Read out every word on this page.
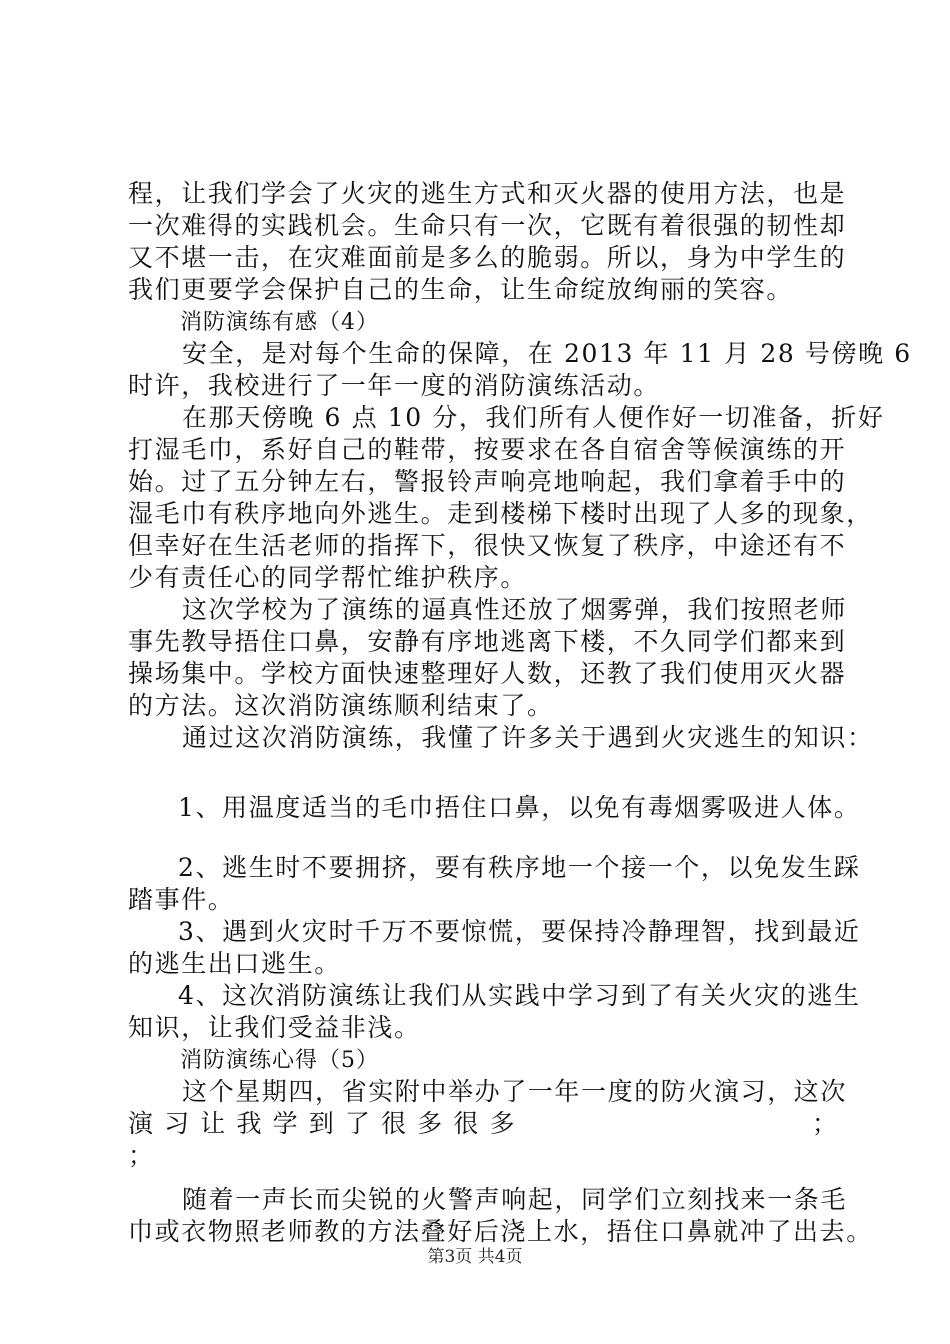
程，让我们学会了火灾的逃生方式和灭火器的使用方法，也是
一次难得的实践机会。生命只有一次，它既有着很强的韧性却
又不堪一击，在灾难面前是多么的脆弱。所以，身为中学生的
我们更要学会保护自己的生命，让生命绽放绚丽的笑容。
消防演练有感（4）
安全，是对每个生命的保障，在 2013 年 11 月 28 号傍晚 6
时许，我校进行了一年一度的消防演练活动。
在那天傍晚 6 点 10 分，我们所有人便作好一切准备，折好
打湿毛巾，系好自己的鞋带，按要求在各自宿舍等候演练的开
始。过了五分钟左右，警报铃声响亮地响起，我们拿着手中的
湿毛巾有秩序地向外逃生。走到楼梯下楼时出现了人多的现象，
但幸好在生活老师的指挥下，很快又恢复了秩序，中途还有不
少有责任心的同学帮忙维护秩序。
这次学校为了演练的逼真性还放了烟雾弹，我们按照老师
事先教导捂住口鼻，安静有序地逃离下楼，不久同学们都来到
操场集中。学校方面快速整理好人数，还教了我们使用灭火器
的方法。这次消防演练顺利结束了。
通过这次消防演练，我懂了许多关于遇到火灾逃生的知识：
1、用温度适当的毛巾捂住口鼻，以免有毒烟雾吸进人体。
2、逃生时不要拥挤，要有秩序地一个接一个，以免发生踩
踏事件。
3、遇到火灾时千万不要惊慌，要保持冷静理智，找到最近
的逃生出口逃生。
4、这次消防演练让我们从实践中学习到了有关火灾的逃生
知识，让我们受益非浅。
消防演练心得（5）
这个星期四，省实附中举办了一年一度的防火演习，这次
演 习 让 我 学 到 了 很 多 很 多	；
；
随着一声长而尖锐的火警声响起，同学们立刻找来一条毛
巾或衣物照老师教的方法叠好后浇上水，捂住口鼻就冲了出去。
第3页 共4页
